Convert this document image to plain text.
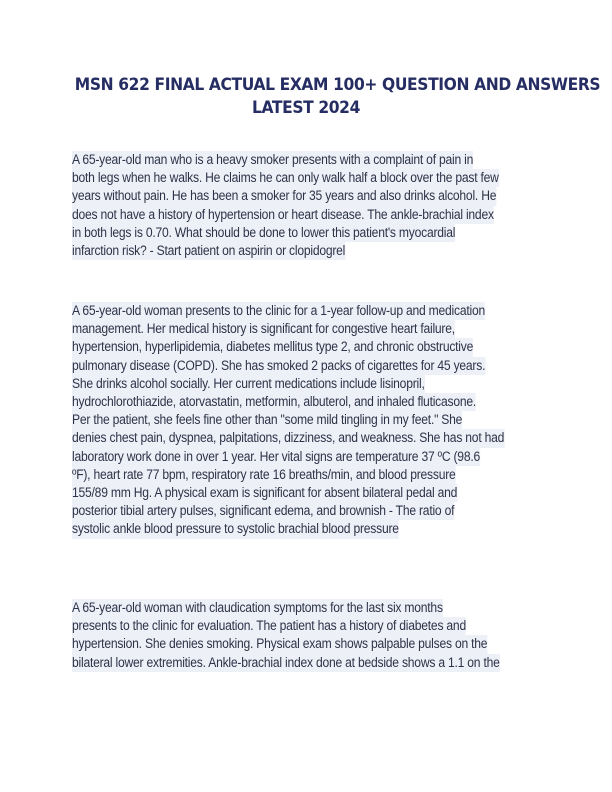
MSN 622 FINAL ACTUAL EXAM 100+ QUESTION AND ANSWERS
LATEST 2024
A 65-year-old man who is a heavy smoker presents with a complaint of pain in
both legs when he walks. He claims he can only walk half a block over the past few
years without pain. He has been a smoker for 35 years and also drinks alcohol. He
does not have a history of hypertension or heart disease. The ankle-brachial index
in both legs is 0.70. What should be done to lower this patient's myocardial
infarction risk? - Start patient on aspirin or clopidogrel
A 65-year-old woman presents to the clinic for a 1-year follow-up and medication
management. Her medical history is significant for congestive heart failure,
hypertension, hyperlipidemia, diabetes mellitus type 2, and chronic obstructive
pulmonary disease (COPD). She has smoked 2 packs of cigarettes for 45 years.
She drinks alcohol socially. Her current medications include lisinopril,
hydrochlorothiazide, atorvastatin, metformin, albuterol, and inhaled fluticasone.
Per the patient, she feels fine other than "some mild tingling in my feet." She
denies chest pain, dyspnea, palpitations, dizziness, and weakness. She has not had
laboratory work done in over 1 year. Her vital signs are temperature 37 ºC (98.6
ºF), heart rate 77 bpm, respiratory rate 16 breaths/min, and blood pressure
155/89 mm Hg. A physical exam is significant for absent bilateral pedal and
posterior tibial artery pulses, significant edema, and brownish - The ratio of
systolic ankle blood pressure to systolic brachial blood pressure
A 65-year-old woman with claudication symptoms for the last six months
presents to the clinic for evaluation. The patient has a history of diabetes and
hypertension. She denies smoking. Physical exam shows palpable pulses on the
bilateral lower extremities. Ankle-brachial index done at bedside shows a 1.1 on the
